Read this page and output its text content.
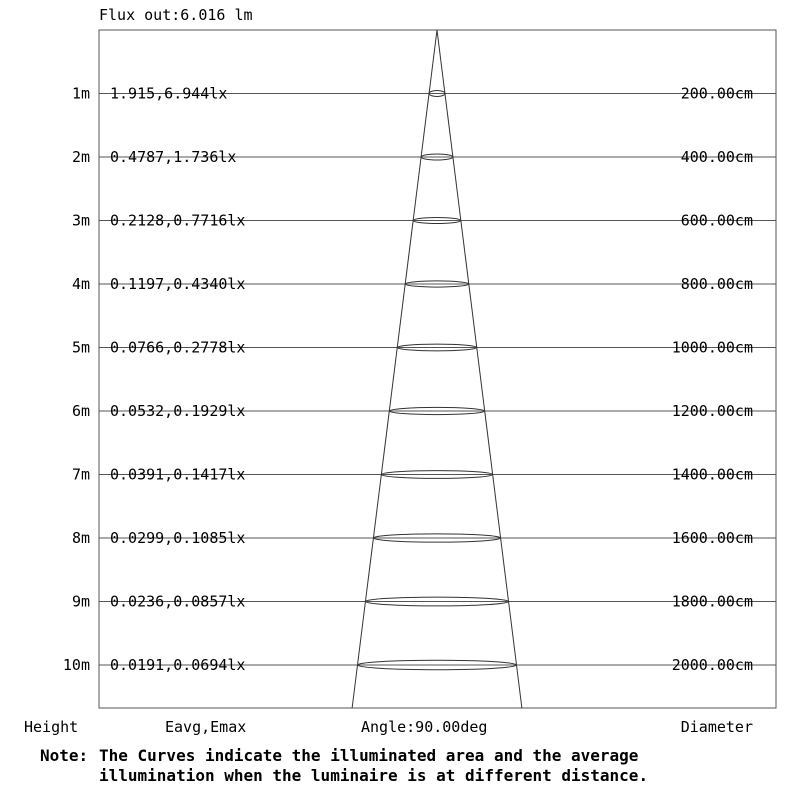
Flux out:6.016 lm
1m 1.915,6.944lx	200.00cm
2m 0.4787,1.736lx	400.00cm
3m 0.2128,0.7716lx	600.00cm
4m 0.1197,0.4340lx	800.00cm
5m 0.0766,0.2778lx	1000.00cm
6m 0.0532,0.1929lx	1200.00cm
7m 0.0391,0.1417lx	1400.00cm
8m 0.0299,0.1085lx	1600.00cm
9m 0.0236,0.0857lx	1800.00cm
10m 0.0191,0.0694lx	2000.00cm
Height	Eavg,Emax	Angle:90.00deg	Diameter
Note: The Curves indicate the illuminated area and the average
illumination when the luminaire is at different distance.
